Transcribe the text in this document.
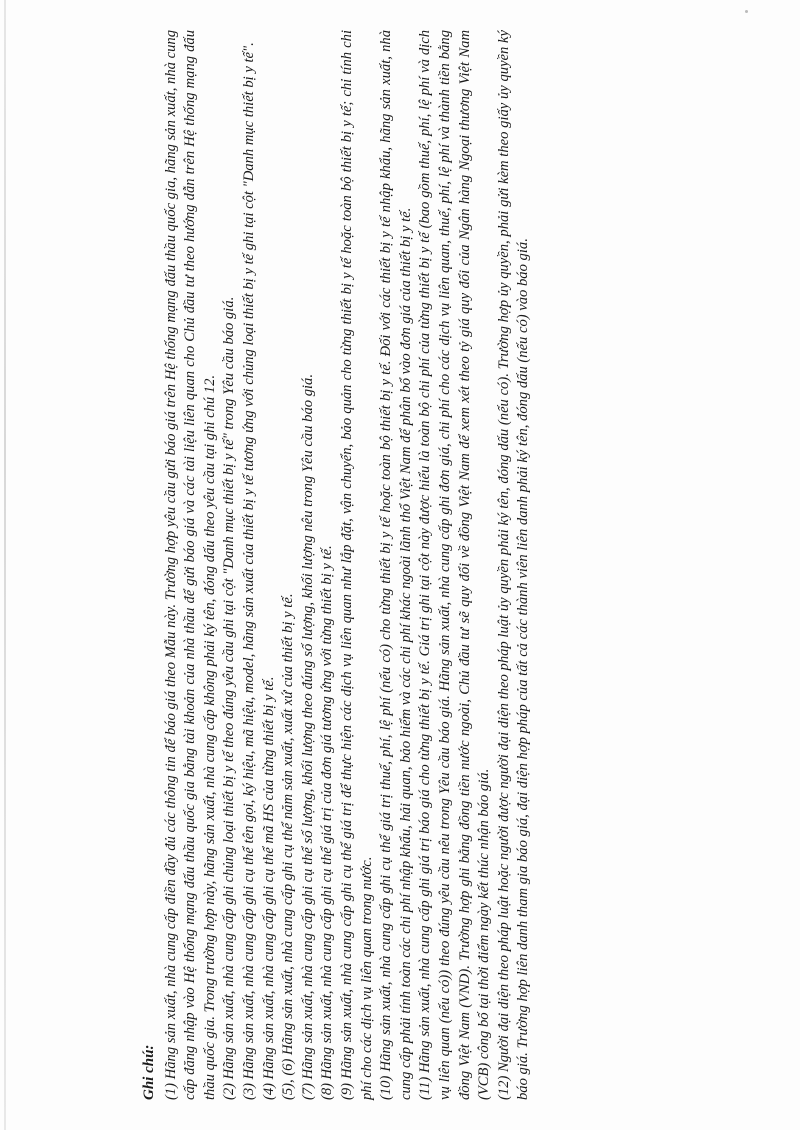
Ghi chú: (1) Hãng sản xuất, nhà cung cấp điền đầy đủ các thông tin để báo giá theo Mẫu này. Trường hợp yêu cầu gửi báo giá trên Hệ thống mạng đấu thầu quốc gia, hãng sản xuất, nhà cung cấp đăng nhập vào Hệ thống mạng đấu thầu quốc gia bằng tài khoản của nhà thầu để gửi báo giá và các tài liệu liên quan cho Chủ đầu tư theo hướng dẫn trên Hệ thống mạng đấu thầu quốc gia. Trong trường hợp này, hãng sản xuất, nhà cung cấp không phải ký tên, đóng dấu theo yêu cầu tại ghi chú 12. (2) Hãng sản xuất, nhà cung cấp ghi chủng loại thiết bị y tế theo đúng yêu cầu ghi tại cột "Danh mục thiết bị y tế" trong Yêu cầu báo giá. (3) Hãng sản xuất, nhà cung cấp ghi cụ thể tên gọi, ký hiệu, mã hiệu, model, hãng sản xuất của thiết bị y tế tương ứng với chủng loại thiết bị y tế ghi tại cột "Danh mục thiết bị y tế". (4) Hãng sản xuất, nhà cung cấp ghi cụ thể mã HS của từng thiết bị y tế. (5), (6) Hãng sản xuất, nhà cung cấp ghi cụ thể năm sản xuất, xuất xứ của thiết bị y tế. (7) Hãng sản xuất, nhà cung cấp ghi cụ thể số lượng, khối lượng theo đúng số lượng, khối lượng nêu trong Yêu cầu báo giá. (8) Hãng sản xuất, nhà cung cấp ghi cụ thể giá trị của đơn giá tương ứng với từng thiết bị y tế. (9) Hãng sản xuất, nhà cung cấp ghi cụ thể giá trị để thực hiện các dịch vụ liên quan như lắp đặt, vận chuyển, bảo quản cho từng thiết bị y tế hoặc toàn bộ thiết bị y tế; chỉ tính chi phí cho các dịch vụ liên quan trong nước. (10) Hãng sản xuất, nhà cung cấp ghi cụ thể giá trị thuế, phí, lệ phí (nếu có) cho từng thiết bị y tế hoặc toàn bộ thiết bị y tế. Đối với các thiết bị y tế nhập khẩu, hãng sản xuất, nhà cung cấp phải tính toàn các chi phí nhập khẩu, hải quan, bảo hiểm và các chi phí khác ngoài lãnh thổ Việt Nam để phân bổ vào đơn giá của thiết bị y tế. (11) Hãng sản xuất, nhà cung cấp ghi giá trị báo giá cho từng thiết bị y tế. Giá trị ghi tại cột này được hiểu là toàn bộ chi phí của từng thiết bị y tế (bao gồm thuế, phí, lệ phí và dịch vụ liên quan (nếu có)) theo đúng yêu cầu nêu trong Yêu cầu báo giá. Hãng sản xuất, nhà cung cấp ghi đơn giá, chi phí cho các dịch vụ liên quan, thuế, phí, lệ phí và thành tiền bằng đồng Việt Nam (VND). Trường hợp ghi bằng đồng tiền nước ngoài, Chủ đầu tư sẽ quy đổi về đồng Việt Nam để xem xét theo tỷ giá quy đổi của Ngân hàng Ngoại thương Việt Nam (VCB) công bố tại thời điểm ngày kết thúc nhận báo giá. (12) Người đại diện theo pháp luật hoặc người được người đại diện theo pháp luật ủy quyền phải ký tên, đóng dấu (nếu có). Trường hợp ủy quyền, phải gửi kèm theo giấy ủy quyền ký báo giá. Trường hợp liên danh tham gia báo giá, đại diện hợp pháp của tất cả các thành viên liên danh phải ký tên, đóng dấu (nếu có) vào báo giá.
